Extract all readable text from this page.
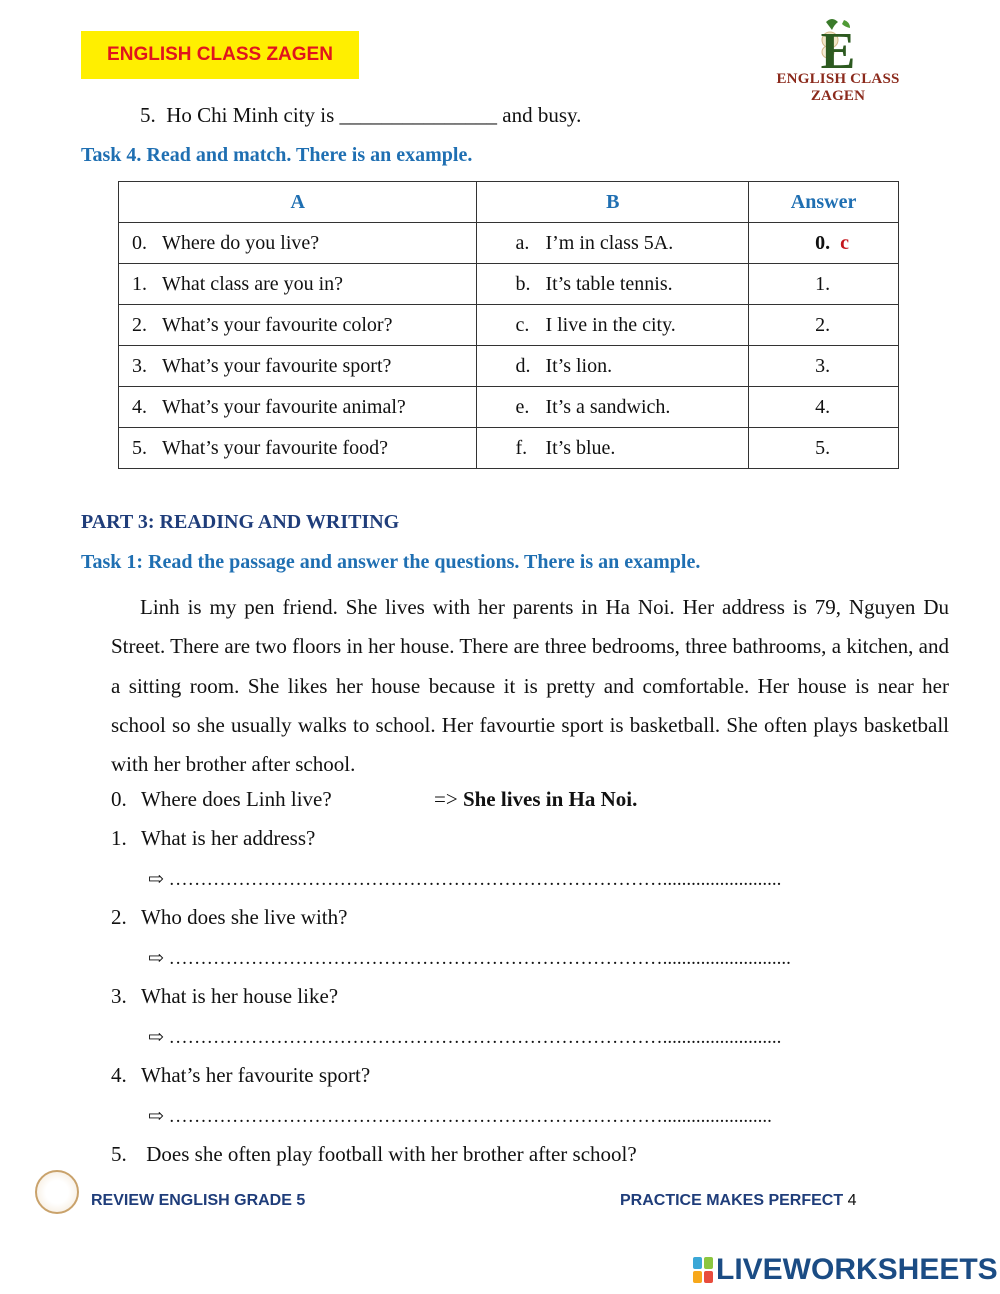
ENGLISH CLASS ZAGEN	E
ENGLISH CLASS ZAGEN
5. Ho Chi Minh city is _______________ and busy.
Task 4. Read and match. There is an example.
A	B	Answer
0. Where do you live?	a. I’m in class 5A.	0. c
1. What class are you in?	b. It’s table tennis.	1.
2. What’s your favourite color?	c. I live in the city.	2.
3. What’s your favourite sport?	d. It’s lion.	3.
4. What’s your favourite animal?	e. It’s a sandwich.	4.
5. What’s your favourite food?	f. It’s blue.	5.
PART 3: READING AND WRITING
Task 1: Read the passage and answer the questions. There is an example.
Linh is my pen friend. She lives with her parents in Ha Noi. Her address is 79, Nguyen Du Street. There are two floors in her house. There are three bedrooms, three bathrooms, a kitchen, and a sitting room. She likes her house because it is pretty and comfortable. Her house is near her school so she usually walks to school. Her favourtie sport is basketball. She often plays basketball with her brother after school.
0. Where does Linh live?	=> She lives in Ha Noi.
1. What is her address?
⇨ …………………………………………………………………….........................
2. Who does she live with?
⇨ ……………………………………………………………………...........................
3. What is her house like?
⇨ …………………………………………………………………….........................
4. What’s her favourite sport?
⇨ …………………………………………………………………….......................
5. Does she often play football with her brother after school?
REVIEW ENGLISH GRADE 5	PRACTICE MAKES PERFECT 4
LIVEWORKSHEETS
